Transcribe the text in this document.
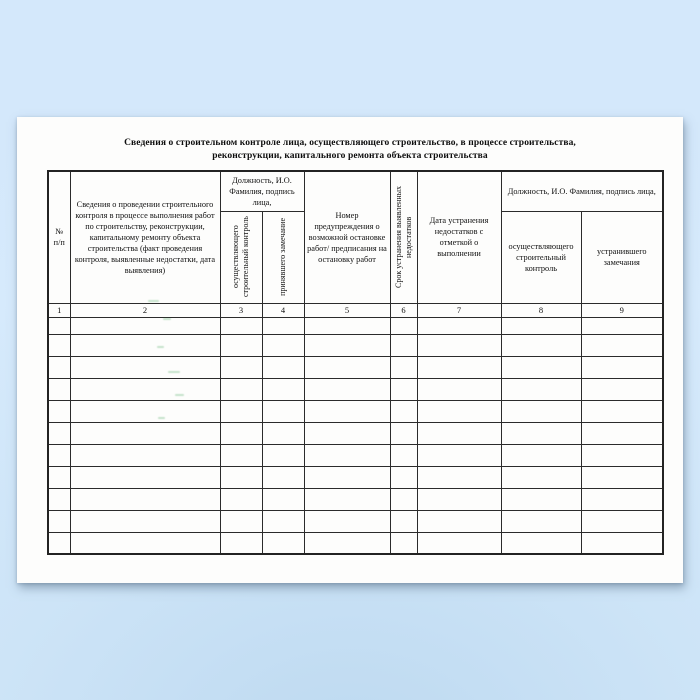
Сведения о строительном контроле лица, осуществляющего строительство, в процессе строительства,
реконструкции, капитального ремонта объекта строительства
№ п/п	Сведения о проведении строительного контроля в процессе выполнения работ по строительству, реконструкции, капитальному ремонту объекта строительства (факт проведения контроля, выявленные недостатки, дата выявления)	Должность, И.О. Фамилия, подпись лица,		Номер предупреждения о возможной остановке работ/ предписания на остановку работ	Срок устранения выявленных недостатков	Дата устранения недостатков с отметкой о выполнении	Должность, И.О. Фамилия, подпись лица,	
		осуществляющего строительный контроль	принявшего замечание				осуществляющего строительный контроль	устранившего замечания
1	2	3	4	5	6	7	8	9
